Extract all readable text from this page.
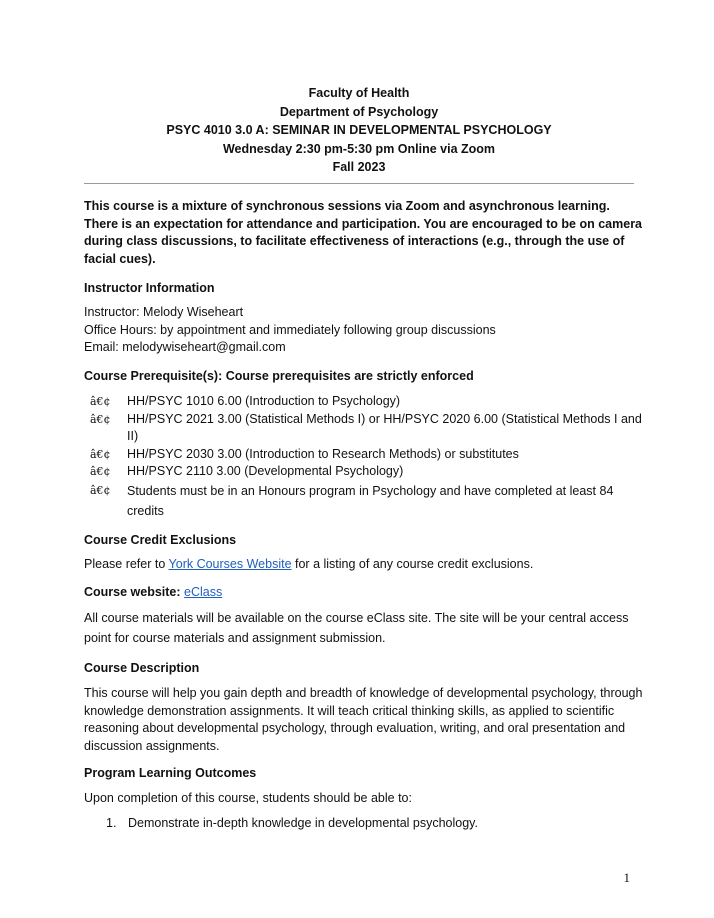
Faculty of Health
Department of Psychology
PSYC 4010 3.0 A: SEMINAR IN DEVELOPMENTAL PSYCHOLOGY
Wednesday 2:30 pm-5:30 pm Online via Zoom
Fall 2023
This course is a mixture of synchronous sessions via Zoom and asynchronous learning. There is an expectation for attendance and participation. You are encouraged to be on camera during class discussions, to facilitate effectiveness of interactions (e.g., through the use of facial cues).
Instructor Information
Instructor: Melody Wiseheart
Office Hours: by appointment and immediately following group discussions
Email: melodywiseheart@gmail.com
Course Prerequisite(s): Course prerequisites are strictly enforced
â€¢ HH/PSYC 1010 6.00 (Introduction to Psychology)
â€¢ HH/PSYC 2021 3.00 (Statistical Methods I) or HH/PSYC 2020 6.00 (Statistical Methods I and II)
â€¢ HH/PSYC 2030 3.00 (Introduction to Research Methods) or substitutes
â€¢ HH/PSYC 2110 3.00 (Developmental Psychology)
â€¢ Students must be in an Honours program in Psychology and have completed at least 84 credits
Course Credit Exclusions
Please refer to York Courses Website for a listing of any course credit exclusions.
Course website: eClass
All course materials will be available on the course eClass site. The site will be your central access point for course materials and assignment submission.
Course Description
This course will help you gain depth and breadth of knowledge of developmental psychology, through knowledge demonstration assignments. It will teach critical thinking skills, as applied to scientific reasoning about developmental psychology, through evaluation, writing, and oral presentation and discussion assignments.
Program Learning Outcomes
Upon completion of this course, students should be able to:
1. Demonstrate in-depth knowledge in developmental psychology.
1
